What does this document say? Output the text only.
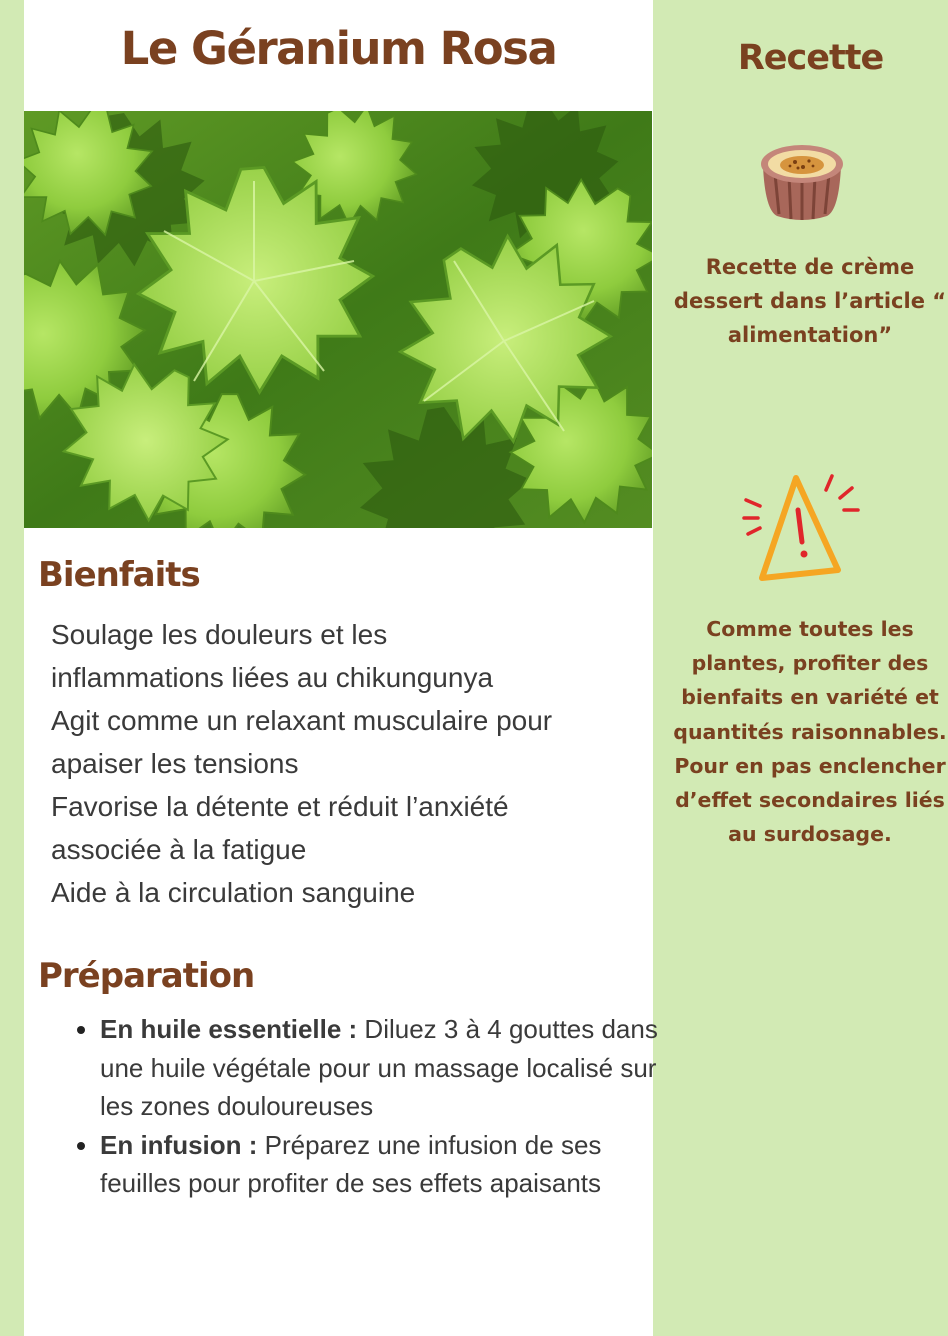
Le Géranium Rosa
Bienfaits
Soulage les douleurs et les
inflammations liées au chikungunya
Agit comme un relaxant musculaire pour
apaiser les tensions
Favorise la détente et réduit l’anxiété
associée à la fatigue
Aide à la circulation sanguine
Préparation
• En huile essentielle : Diluez 3 à 4 gouttes dans une huile végétale pour un massage localisé sur les zones douloureuses
• En infusion : Préparez une infusion de ses feuilles pour profiter de ses effets apaisants
Recette

Recette de crème dessert dans l’article “ alimentation”

Comme toutes les plantes, profiter des bienfaits en variété et quantités raisonnables. Pour en pas enclencher d’effet secondaires liés au surdosage.
